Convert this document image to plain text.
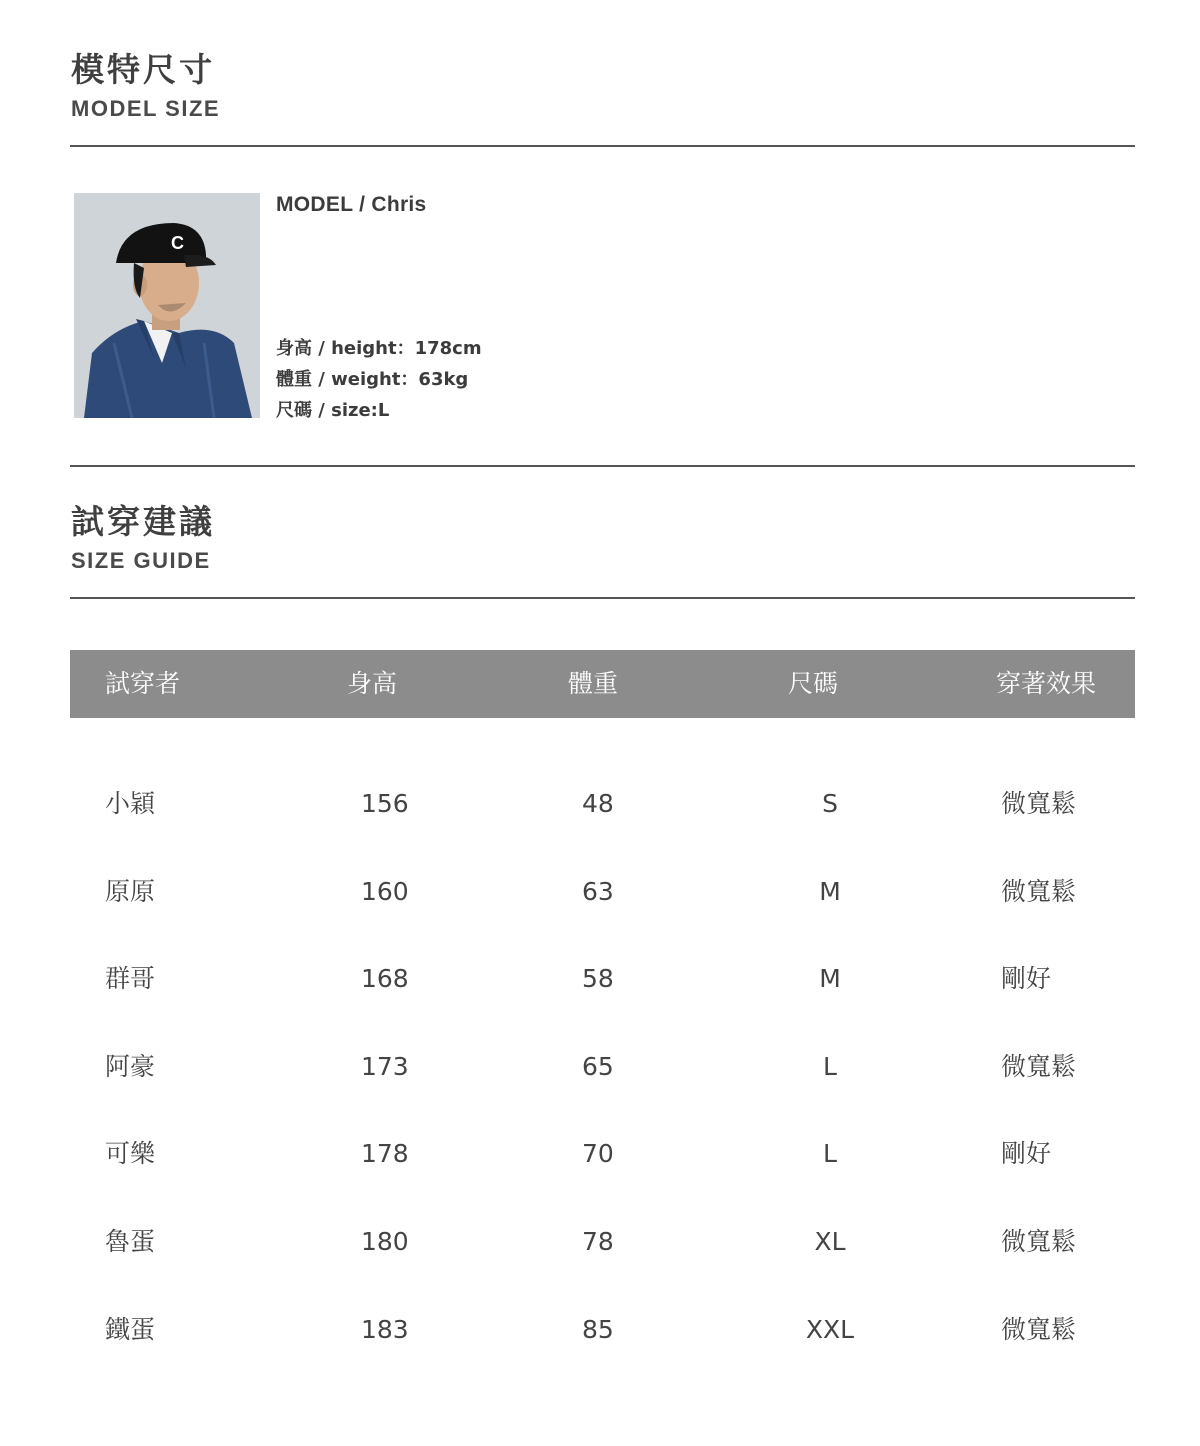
模特尺寸
MODEL SIZE
C
MODEL / Chris
身高 / height：178cm
體重 / weight：63kg
尺碼 / size:L
試穿建議
SIZE GUIDE
試穿者	身高	體重	尺碼	穿著效果
小穎	156	48	S	微寬鬆
原原	160	63	M	微寬鬆
群哥	168	58	M	剛好
阿豪	173	65	L	微寬鬆
可樂	178	70	L	剛好
魯蛋	180	78	XL	微寬鬆
鐵蛋	183	85	XXL	微寬鬆
